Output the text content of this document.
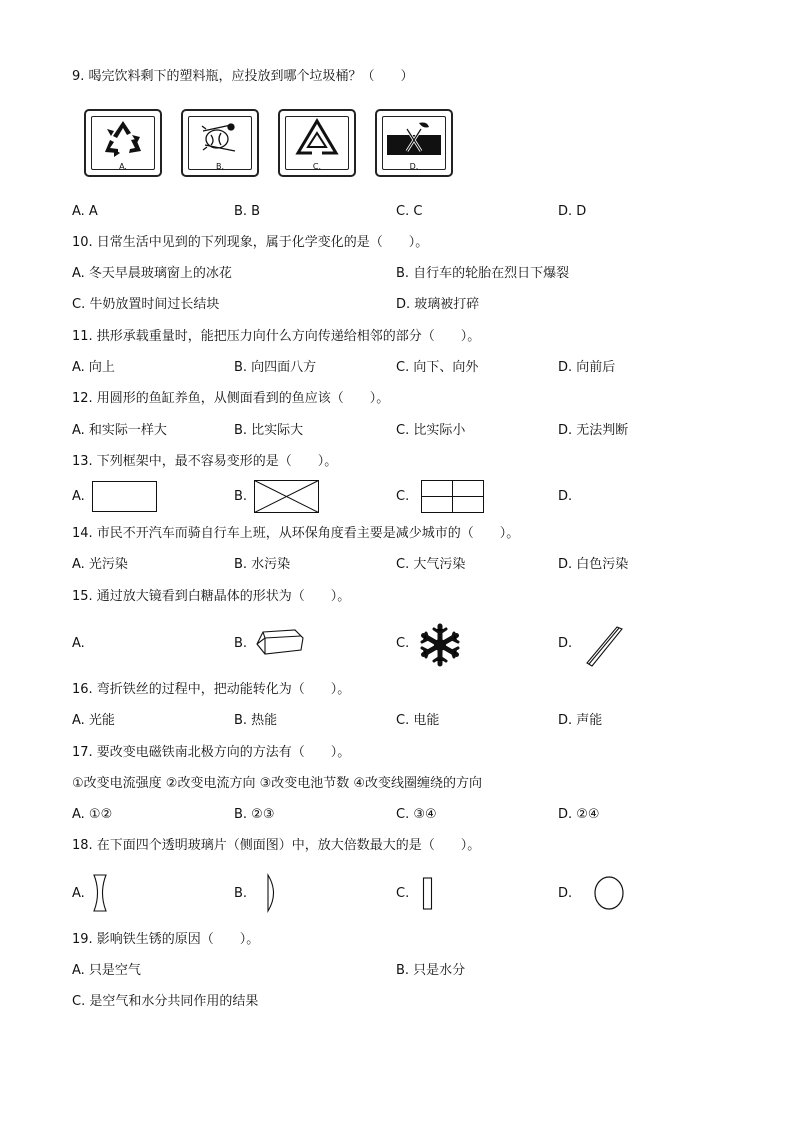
9. 喝完饮料剩下的塑料瓶，应投放到哪个垃圾桶？（　　）
A.	B.	C.	D.
A. A	B. B	C. C	D. D
10. 日常生活中见到的下列现象，属于化学变化的是（　　）。
A. 冬天早晨玻璃窗上的冰花	B. 自行车的轮胎在烈日下爆裂
C. 牛奶放置时间过长结块	D. 玻璃被打碎
11. 拱形承载重量时，能把压力向什么方向传递给相邻的部分（　　）。
A. 向上	B. 向四面八方	C. 向下、向外	D. 向前后
12. 用圆形的鱼缸养鱼，从侧面看到的鱼应该（　　）。
A. 和实际一样大	B. 比实际大	C. 比实际小	D. 无法判断
13. 下列框架中，最不容易变形的是（　　）。
A.	B.	C.	D.
14. 市民不开汽车而骑自行车上班，从环保角度看主要是减少城市的（　　）。
A. 光污染	B. 水污染	C. 大气污染	D. 白色污染
15. 通过放大镜看到白糖晶体的形状为（　　）。
A.	B.	C.	D.
16. 弯折铁丝的过程中，把动能转化为（　　）。
A. 光能	B. 热能	C. 电能	D. 声能
17. 要改变电磁铁南北极方向的方法有（　　）。
①改变电流强度 ②改变电流方向 ③改变电池节数 ④改变线圈缠绕的方向
A. ①②	B. ②③	C. ③④	D. ②④
18. 在下面四个透明玻璃片（侧面图）中，放大倍数最大的是（　　）。
A.	B.	C.	D.
19. 影响铁生锈的原因（　　）。
A. 只是空气	B. 只是水分
C. 是空气和水分共同作用的结果
